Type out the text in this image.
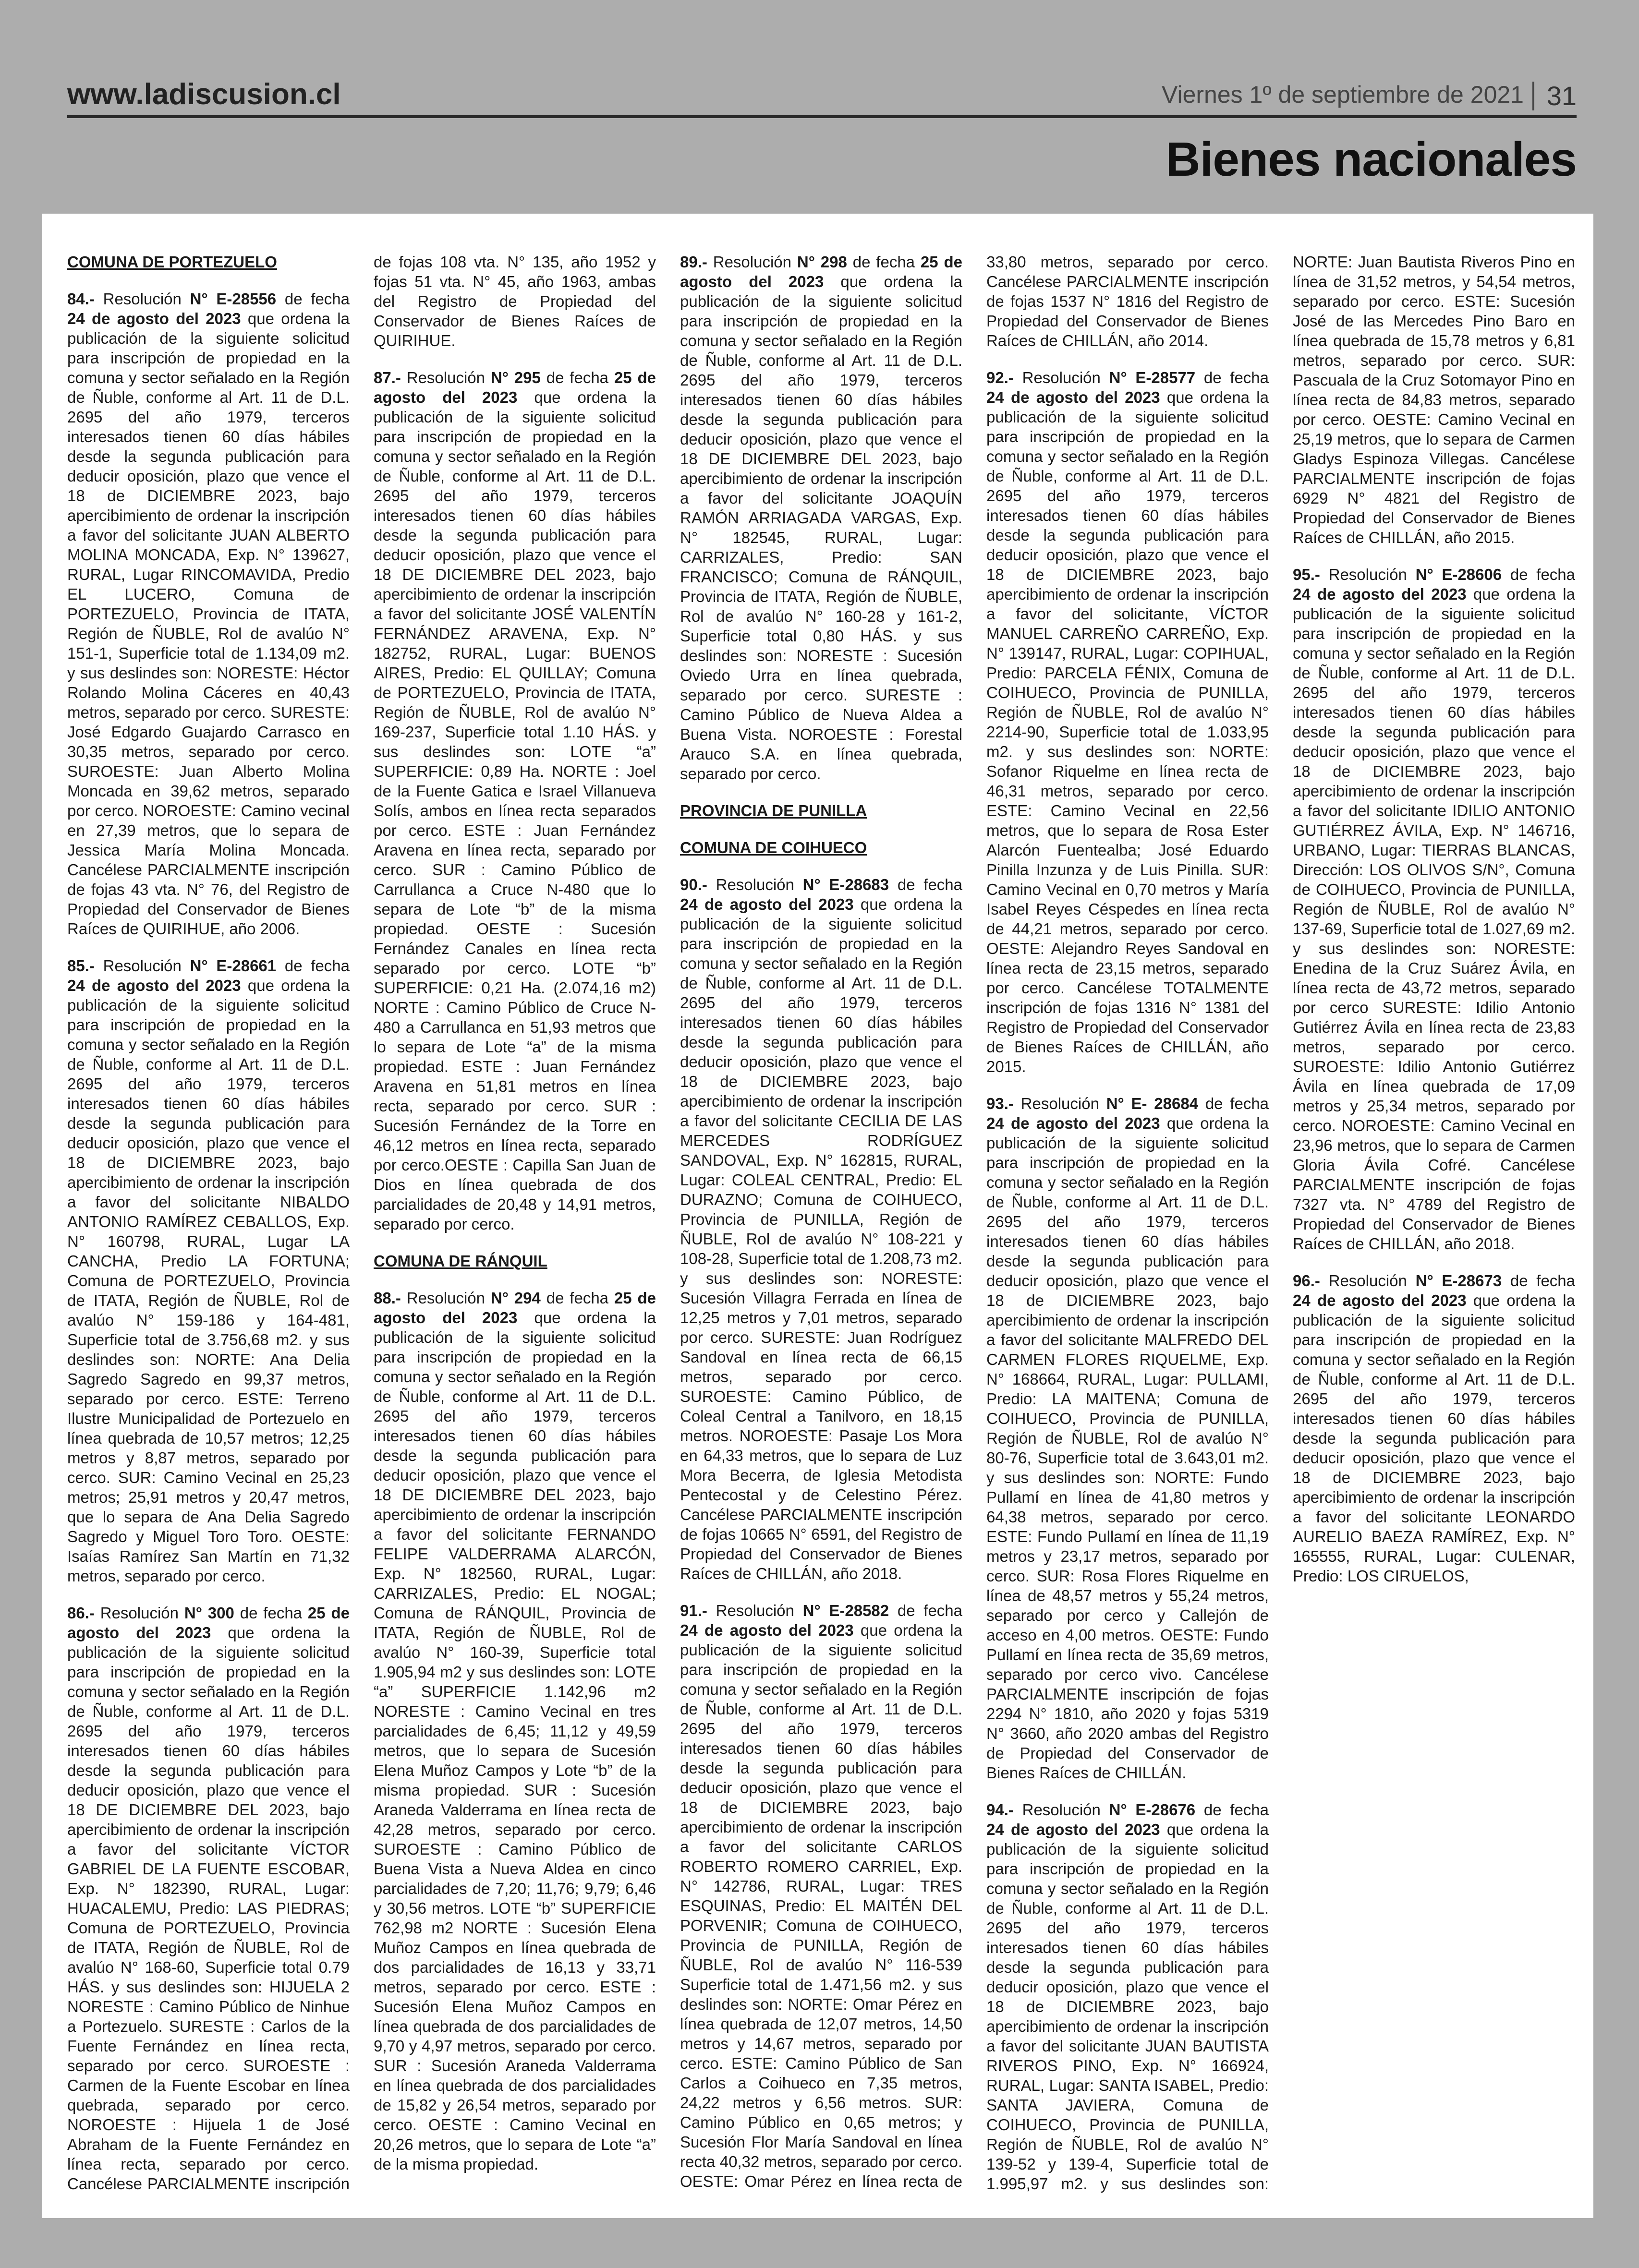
www.ladiscusion.cl	Viernes 1º de septiembre de 2021 31
Bienes nacionales

COMUNA DE PORTEZUELO

84.- Resolución N° E-28556 de fecha 24 de agosto del 2023 que ordena la publicación de la siguiente solicitud para inscripción de propiedad en la comuna y sector señalado en la Región de Ñuble, conforme al Art. 11 de D.L. 2695 del año 1979, terceros interesados tienen 60 días hábiles desde la segunda publicación para deducir oposición, plazo que vence el 18 de DICIEMBRE 2023, bajo apercibimiento de ordenar la inscripción a favor del solicitante JUAN ALBERTO MOLINA MONCADA, Exp. N° 139627, RURAL, Lugar RINCOMAVIDA, Predio EL LUCERO, Comuna de PORTEZUELO, Provincia de ITATA, Región de ÑUBLE, Rol de avalúo N° 151-1, Superficie total de 1.134,09 m2. y sus deslindes son: NORESTE: Héctor Rolando Molina Cáceres en 40,43 metros, separado por cerco. SURESTE: José Edgardo Guajardo Carrasco en 30,35 metros, separado por cerco. SUROESTE: Juan Alberto Molina Moncada en 39,62 metros, separado por cerco. NOROESTE: Camino vecinal en 27,39 metros, que lo separa de Jessica María Molina Moncada. Cancélese PARCIALMENTE inscripción de fojas 43 vta. N° 76, del Registro de Propiedad del Conservador de Bienes Raíces de QUIRIHUE, año 2006.

85.- Resolución N° E-28661 de fecha 24 de agosto del 2023 que ordena la publicación de la siguiente solicitud para inscripción de propiedad en la comuna y sector señalado en la Región de Ñuble, conforme al Art. 11 de D.L. 2695 del año 1979, terceros interesados tienen 60 días hábiles desde la segunda publicación para deducir oposición, plazo que vence el 18 de DICIEMBRE 2023, bajo apercibimiento de ordenar la inscripción a favor del solicitante NIBALDO ANTONIO RAMÍREZ CEBALLOS, Exp. N° 160798, RURAL, Lugar LA CANCHA, Predio LA FORTUNA; Comuna de PORTEZUELO, Provincia de ITATA, Región de ÑUBLE, Rol de avalúo N° 159-186 y 164-481, Superficie total de 3.756,68 m2. y sus deslindes son: NORTE: Ana Delia Sagredo Sagredo en 99,37 metros, separado por cerco. ESTE: Terreno Ilustre Municipalidad de Portezuelo en línea quebrada de 10,57 metros; 12,25 metros y 8,87 metros, separado por cerco. SUR: Camino Vecinal en 25,23 metros; 25,91 metros y 20,47 metros, que lo separa de Ana Delia Sagredo Sagredo y Miguel Toro Toro. OESTE: Isaías Ramírez San Martín en 71,32 metros, separado por cerco.

86.- Resolución N° 300 de fecha 25 de agosto del 2023 que ordena la publicación de la siguiente solicitud para inscripción de propiedad en la comuna y sector señalado en la Región de Ñuble, conforme al Art. 11 de D.L. 2695 del año 1979, terceros interesados tienen 60 días hábiles desde la segunda publicación para deducir oposición, plazo que vence el 18 DE DICIEMBRE DEL 2023, bajo apercibimiento de ordenar la inscripción a favor del solicitante VÍCTOR GABRIEL DE LA FUENTE ESCOBAR, Exp. N° 182390, RURAL, Lugar: HUACALEMU, Predio: LAS PIEDRAS; Comuna de PORTEZUELO, Provincia de ITATA, Región de ÑUBLE, Rol de avalúo N° 168-60, Superficie total 0.79 HÁS. y sus deslindes son: HIJUELA 2 NORESTE : Camino Público de Ninhue a Portezuelo. SURESTE : Carlos de la Fuente Fernández en línea recta, separado por cerco. SUROESTE : Carmen de la Fuente Escobar en línea quebrada, separado por cerco. NOROESTE : Hijuela 1 de José Abraham de la Fuente Fernández en línea recta, separado por cerco. Cancélese PARCIALMENTE inscripción de fojas 108 vta. N° 135, año 1952 y fojas 51 vta. N° 45, año 1963, ambas del Registro de Propiedad del Conservador de Bienes Raíces de QUIRIHUE.

87.- Resolución N° 295 de fecha 25 de agosto del 2023 que ordena la publicación de la siguiente solicitud para inscripción de propiedad en la comuna y sector señalado en la Región de Ñuble, conforme al Art. 11 de D.L. 2695 del año 1979, terceros interesados tienen 60 días hábiles desde la segunda publicación para deducir oposición, plazo que vence el 18 DE DICIEMBRE DEL 2023, bajo apercibimiento de ordenar la inscripción a favor del solicitante JOSÉ VALENTÍN FERNÁNDEZ ARAVENA, Exp. N° 182752, RURAL, Lugar: BUENOS AIRES, Predio: EL QUILLAY; Comuna de PORTEZUELO, Provincia de ITATA, Región de ÑUBLE, Rol de avalúo N° 169-237, Superficie total 1.10 HÁS. y sus deslindes son: LOTE “a” SUPERFICIE: 0,89 Ha. NORTE : Joel de la Fuente Gatica e Israel Villanueva Solís, ambos en línea recta separados por cerco. ESTE : Juan Fernández Aravena en línea recta, separado por cerco. SUR : Camino Público de Carrullanca a Cruce N-480 que lo separa de Lote “b” de la misma propiedad. OESTE : Sucesión Fernández Canales en línea recta separado por cerco. LOTE “b” SUPERFICIE: 0,21 Ha. (2.074,16 m2) NORTE : Camino Público de Cruce N-480 a Carrullanca en 51,93 metros que lo separa de Lote “a” de la misma propiedad. ESTE : Juan Fernández Aravena en 51,81 metros en línea recta, separado por cerco. SUR : Sucesión Fernández de la Torre en 46,12 metros en línea recta, separado por cerco.OESTE : Capilla San Juan de Dios en línea quebrada de dos parcialidades de 20,48 y 14,91 metros, separado por cerco.

COMUNA DE RÁNQUIL

88.- Resolución N° 294 de fecha 25 de agosto del 2023 que ordena la publicación de la siguiente solicitud para inscripción de propiedad en la comuna y sector señalado en la Región de Ñuble, conforme al Art. 11 de D.L. 2695 del año 1979, terceros interesados tienen 60 días hábiles desde la segunda publicación para deducir oposición, plazo que vence el 18 DE DICIEMBRE DEL 2023, bajo apercibimiento de ordenar la inscripción a favor del solicitante FERNANDO FELIPE VALDERRAMA ALARCÓN, Exp. N° 182560, RURAL, Lugar: CARRIZALES, Predio: EL NOGAL; Comuna de RÁNQUIL, Provincia de ITATA, Región de ÑUBLE, Rol de avalúo N° 160-39, Superficie total 1.905,94 m2 y sus deslindes son: LOTE “a” SUPERFICIE 1.142,96 m2 NORESTE : Camino Vecinal en tres parcialidades de 6,45; 11,12 y 49,59 metros, que lo separa de Sucesión Elena Muñoz Campos y Lote “b” de la misma propiedad. SUR : Sucesión Araneda Valderrama en línea recta de 42,28 metros, separado por cerco. SUROESTE : Camino Público de Buena Vista a Nueva Aldea en cinco parcialidades de 7,20; 11,76; 9,79; 6,46 y 30,56 metros. LOTE “b” SUPERFICIE 762,98 m2 NORTE : Sucesión Elena Muñoz Campos en línea quebrada de dos parcialidades de 16,13 y 33,71 metros, separado por cerco. ESTE : Sucesión Elena Muñoz Campos en línea quebrada de dos parcialidades de 9,70 y 4,97 metros, separado por cerco. SUR : Sucesión Araneda Valderrama en línea quebrada de dos parcialidades de 15,82 y 26,54 metros, separado por cerco. OESTE : Camino Vecinal en 20,26 metros, que lo separa de Lote “a” de la misma propiedad.

89.- Resolución N° 298 de fecha 25 de agosto del 2023 que ordena la publicación de la siguiente solicitud para inscripción de propiedad en la comuna y sector señalado en la Región de Ñuble, conforme al Art. 11 de D.L. 2695 del año 1979, terceros interesados tienen 60 días hábiles desde la segunda publicación para deducir oposición, plazo que vence el 18 DE DICIEMBRE DEL 2023, bajo apercibimiento de ordenar la inscripción a favor del solicitante JOAQUÍN RAMÓN ARRIAGADA VARGAS, Exp. N° 182545, RURAL, Lugar: CARRIZALES, Predio: SAN FRANCISCO; Comuna de RÁNQUIL, Provincia de ITATA, Región de ÑUBLE, Rol de avalúo N° 160-28 y 161-2, Superficie total 0,80 HÁS. y sus deslindes son: NORESTE : Sucesión Oviedo Urra en línea quebrada, separado por cerco. SURESTE : Camino Público de Nueva Aldea a Buena Vista. NOROESTE : Forestal Arauco S.A. en línea quebrada, separado por cerco.

PROVINCIA DE PUNILLA

COMUNA DE COIHUECO

90.- Resolución N° E-28683 de fecha 24 de agosto del 2023 que ordena la publicación de la siguiente solicitud para inscripción de propiedad en la comuna y sector señalado en la Región de Ñuble, conforme al Art. 11 de D.L. 2695 del año 1979, terceros interesados tienen 60 días hábiles desde la segunda publicación para deducir oposición, plazo que vence el 18 de DICIEMBRE 2023, bajo apercibimiento de ordenar la inscripción a favor del solicitante CECILIA DE LAS MERCEDES RODRÍGUEZ SANDOVAL, Exp. N° 162815, RURAL, Lugar: COLEAL CENTRAL, Predio: EL DURAZNO; Comuna de COIHUECO, Provincia de PUNILLA, Región de ÑUBLE, Rol de avalúo N° 108-221 y 108-28, Superficie total de 1.208,73 m2. y sus deslindes son: NORESTE: Sucesión Villagra Ferrada en línea de 12,25 metros y 7,01 metros, separado por cerco. SURESTE: Juan Rodríguez Sandoval en línea recta de 66,15 metros, separado por cerco. SUROESTE: Camino Público, de Coleal Central a Tanilvoro, en 18,15 metros. NOROESTE: Pasaje Los Mora en 64,33 metros, que lo separa de Luz Mora Becerra, de Iglesia Metodista Pentecostal y de Celestino Pérez. Cancélese PARCIALMENTE inscripción de fojas 10665 N° 6591, del Registro de Propiedad del Conservador de Bienes Raíces de CHILLÁN, año 2018.

91.- Resolución N° E-28582 de fecha 24 de agosto del 2023 que ordena la publicación de la siguiente solicitud para inscripción de propiedad en la comuna y sector señalado en la Región de Ñuble, conforme al Art. 11 de D.L. 2695 del año 1979, terceros interesados tienen 60 días hábiles desde la segunda publicación para deducir oposición, plazo que vence el 18 de DICIEMBRE 2023, bajo apercibimiento de ordenar la inscripción a favor del solicitante CARLOS ROBERTO ROMERO CARRIEL, Exp. N° 142786, RURAL, Lugar: TRES ESQUINAS, Predio: EL MAITÉN DEL PORVENIR; Comuna de COIHUECO, Provincia de PUNILLA, Región de ÑUBLE, Rol de avalúo N° 116-539 Superficie total de 1.471,56 m2. y sus deslindes son: NORTE: Omar Pérez en línea quebrada de 12,07 metros, 14,50 metros y 14,67 metros, separado por cerco. ESTE: Camino Público de San Carlos a Coihueco en 7,35 metros, 24,22 metros y 6,56 metros. SUR: Camino Público en 0,65 metros; y Sucesión Flor María Sandoval en línea recta 40,32 metros, separado por cerco. OESTE: Omar Pérez en línea recta de 33,80 metros, separado por cerco. Cancélese PARCIALMENTE inscripción de fojas 1537 N° 1816 del Registro de Propiedad del Conservador de Bienes Raíces de CHILLÁN, año 2014.

92.- Resolución N° E-28577 de fecha 24 de agosto del 2023 que ordena la publicación de la siguiente solicitud para inscripción de propiedad en la comuna y sector señalado en la Región de Ñuble, conforme al Art. 11 de D.L. 2695 del año 1979, terceros interesados tienen 60 días hábiles desde la segunda publicación para deducir oposición, plazo que vence el 18 de DICIEMBRE 2023, bajo apercibimiento de ordenar la inscripción a favor del solicitante, VÍCTOR MANUEL CARREÑO CARREÑO, Exp. N° 139147, RURAL, Lugar: COPIHUAL, Predio: PARCELA FÉNIX, Comuna de COIHUECO, Provincia de PUNILLA, Región de ÑUBLE, Rol de avalúo N° 2214-90, Superficie total de 1.033,95 m2. y sus deslindes son: NORTE: Sofanor Riquelme en línea recta de 46,31 metros, separado por cerco. ESTE: Camino Vecinal en 22,56 metros, que lo separa de Rosa Ester Alarcón Fuentealba; José Eduardo Pinilla Inzunza y de Luis Pinilla. SUR: Camino Vecinal en 0,70 metros y María Isabel Reyes Céspedes en línea recta de 44,21 metros, separado por cerco. OESTE: Alejandro Reyes Sandoval en línea recta de 23,15 metros, separado por cerco. Cancélese TOTALMENTE inscripción de fojas 1316 N° 1381 del Registro de Propiedad del Conservador de Bienes Raíces de CHILLÁN, año 2015.

93.- Resolución N° E- 28684 de fecha 24 de agosto del 2023 que ordena la publicación de la siguiente solicitud para inscripción de propiedad en la comuna y sector señalado en la Región de Ñuble, conforme al Art. 11 de D.L. 2695 del año 1979, terceros interesados tienen 60 días hábiles desde la segunda publicación para deducir oposición, plazo que vence el 18 de DICIEMBRE 2023, bajo apercibimiento de ordenar la inscripción a favor del solicitante MALFREDO DEL CARMEN FLORES RIQUELME, Exp. N° 168664, RURAL, Lugar: PULLAMI, Predio: LA MAITENA; Comuna de COIHUECO, Provincia de PUNILLA, Región de ÑUBLE, Rol de avalúo N° 80-76, Superficie total de 3.643,01 m2. y sus deslindes son: NORTE: Fundo Pullamí en línea de 41,80 metros y 64,38 metros, separado por cerco. ESTE: Fundo Pullamí en línea de 11,19 metros y 23,17 metros, separado por cerco. SUR: Rosa Flores Riquelme en línea de 48,57 metros y 55,24 metros, separado por cerco y Callejón de acceso en 4,00 metros. OESTE: Fundo Pullamí en línea recta de 35,69 metros, separado por cerco vivo. Cancélese PARCIALMENTE inscripción de fojas 2294 N° 1810, año 2020 y fojas 5319 N° 3660, año 2020 ambas del Registro de Propiedad del Conservador de Bienes Raíces de CHILLÁN.

94.- Resolución N° E-28676 de fecha 24 de agosto del 2023 que ordena la publicación de la siguiente solicitud para inscripción de propiedad en la comuna y sector señalado en la Región de Ñuble, conforme al Art. 11 de D.L. 2695 del año 1979, terceros interesados tienen 60 días hábiles desde la segunda publicación para deducir oposición, plazo que vence el 18 de DICIEMBRE 2023, bajo apercibimiento de ordenar la inscripción a favor del solicitante JUAN BAUTISTA RIVEROS PINO, Exp. N° 166924, RURAL, Lugar: SANTA ISABEL, Predio: SANTA JAVIERA, Comuna de COIHUECO, Provincia de PUNILLA, Región de ÑUBLE, Rol de avalúo N° 139-52 y 139-4, Superficie total de 1.995,97 m2. y sus deslindes son: NORTE: Juan Bautista Riveros Pino en línea de 31,52 metros, y 54,54 metros, separado por cerco. ESTE: Sucesión José de las Mercedes Pino Baro en línea quebrada de 15,78 metros y 6,81 metros, separado por cerco. SUR: Pascuala de la Cruz Sotomayor Pino en línea recta de 84,83 metros, separado por cerco. OESTE: Camino Vecinal en 25,19 metros, que lo separa de Carmen Gladys Espinoza Villegas. Cancélese PARCIALMENTE inscripción de fojas 6929 N° 4821 del Registro de Propiedad del Conservador de Bienes Raíces de CHILLÁN, año 2015.

95.- Resolución N° E-28606 de fecha 24 de agosto del 2023 que ordena la publicación de la siguiente solicitud para inscripción de propiedad en la comuna y sector señalado en la Región de Ñuble, conforme al Art. 11 de D.L. 2695 del año 1979, terceros interesados tienen 60 días hábiles desde la segunda publicación para deducir oposición, plazo que vence el 18 de DICIEMBRE 2023, bajo apercibimiento de ordenar la inscripción a favor del solicitante IDILIO ANTONIO GUTIÉRREZ ÁVILA, Exp. N° 146716, URBANO, Lugar: TIERRAS BLANCAS, Dirección: LOS OLIVOS S/N°, Comuna de COIHUECO, Provincia de PUNILLA, Región de ÑUBLE, Rol de avalúo N° 137-69, Superficie total de 1.027,69 m2. y sus deslindes son: NORESTE: Enedina de la Cruz Suárez Ávila, en línea recta de 43,72 metros, separado por cerco SURESTE: Idilio Antonio Gutiérrez Ávila en línea recta de 23,83 metros, separado por cerco. SUROESTE: Idilio Antonio Gutiérrez Ávila en línea quebrada de 17,09 metros y 25,34 metros, separado por cerco. NOROESTE: Camino Vecinal en 23,96 metros, que lo separa de Carmen Gloria Ávila Cofré. Cancélese PARCIALMENTE inscripción de fojas 7327 vta. N° 4789 del Registro de Propiedad del Conservador de Bienes Raíces de CHILLÁN, año 2018.

96.- Resolución N° E-28673 de fecha 24 de agosto del 2023 que ordena la publicación de la siguiente solicitud para inscripción de propiedad en la comuna y sector señalado en la Región de Ñuble, conforme al Art. 11 de D.L. 2695 del año 1979, terceros interesados tienen 60 días hábiles desde la segunda publicación para deducir oposición, plazo que vence el 18 de DICIEMBRE 2023, bajo apercibimiento de ordenar la inscripción a favor del solicitante LEONARDO AURELIO BAEZA RAMÍREZ, Exp. N° 165555, RURAL, Lugar: CULENAR, Predio: LOS CIRUELOS,
